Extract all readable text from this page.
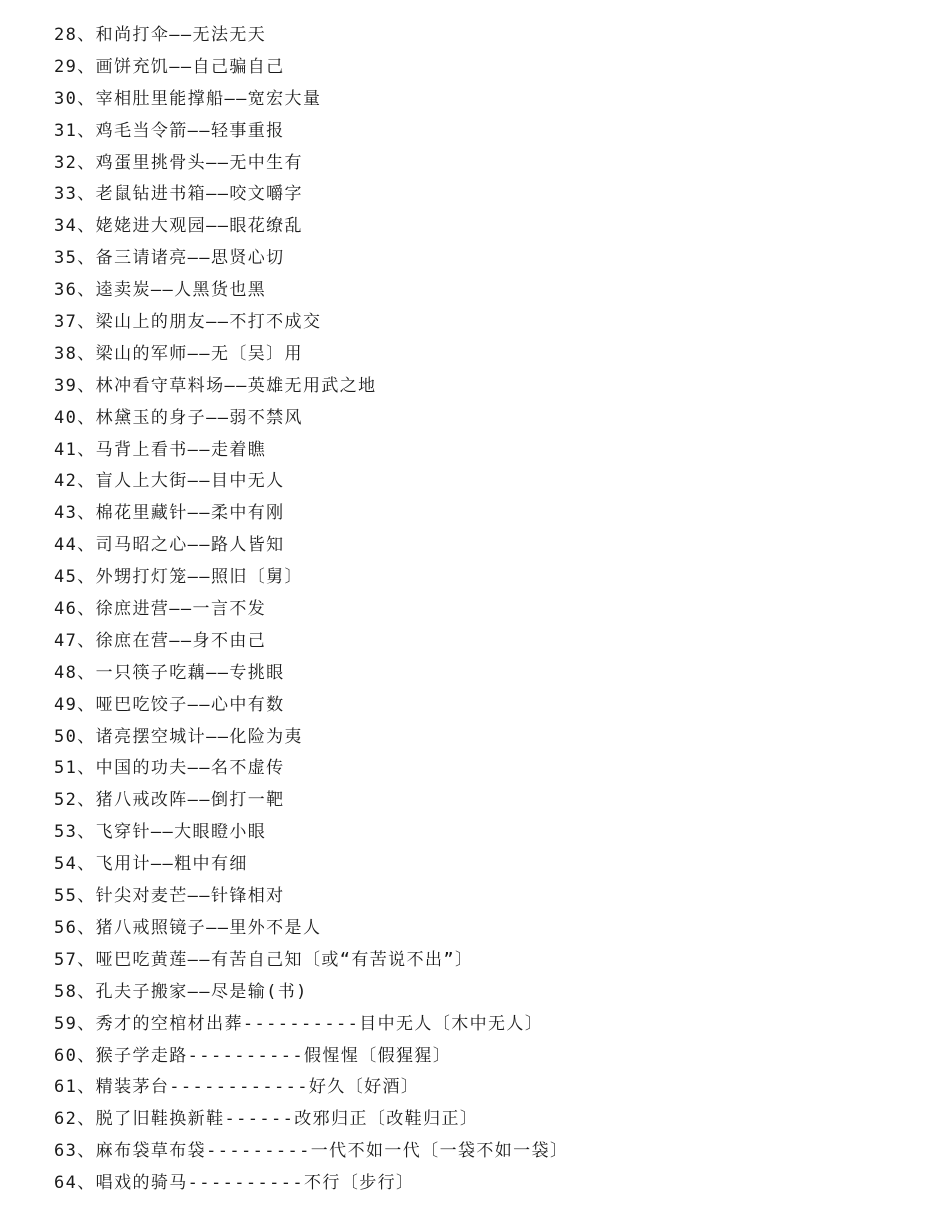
28、和尚打伞——无法无天
29、画饼充饥——自己骗自己
30、宰相肚里能撑船——宽宏大量
31、鸡毛当令箭——轻事重报
32、鸡蛋里挑骨头——无中生有
33、老鼠钻进书箱——咬文嚼字
34、姥姥进大观园——眼花缭乱
35、备三请诸亮——思贤心切
36、逵卖炭——人黑货也黑
37、梁山上的朋友——不打不成交
38、梁山的军师——无〔吴〕用
39、林冲看守草料场——英雄无用武之地
40、林黛玉的身子——弱不禁风
41、马背上看书——走着瞧
42、盲人上大街——目中无人
43、棉花里藏针——柔中有刚
44、司马昭之心——路人皆知
45、外甥打灯笼——照旧〔舅〕
46、徐庶进营——一言不发
47、徐庶在营——身不由己
48、一只筷子吃藕——专挑眼
49、哑巴吃饺子——心中有数
50、诸亮摆空城计——化险为夷
51、中国的功夫——名不虚传
52、猪八戒改阵——倒打一靶
53、飞穿针——大眼瞪小眼
54、飞用计——粗中有细
55、针尖对麦芒——针锋相对
56、猪八戒照镜子——里外不是人
57、哑巴吃黄莲——有苦自己知〔或“有苦说不出”〕
58、孔夫子搬家——尽是输(书)
59、秀才的空棺材出葬----------目中无人〔木中无人〕
60、猴子学走路----------假惺惺〔假猩猩〕
61、精装茅台------------好久〔好酒〕
62、脱了旧鞋换新鞋------改邪归正〔改鞋归正〕
63、麻布袋草布袋---------一代不如一代〔一袋不如一袋〕
64、唱戏的骑马----------不行〔步行〕
